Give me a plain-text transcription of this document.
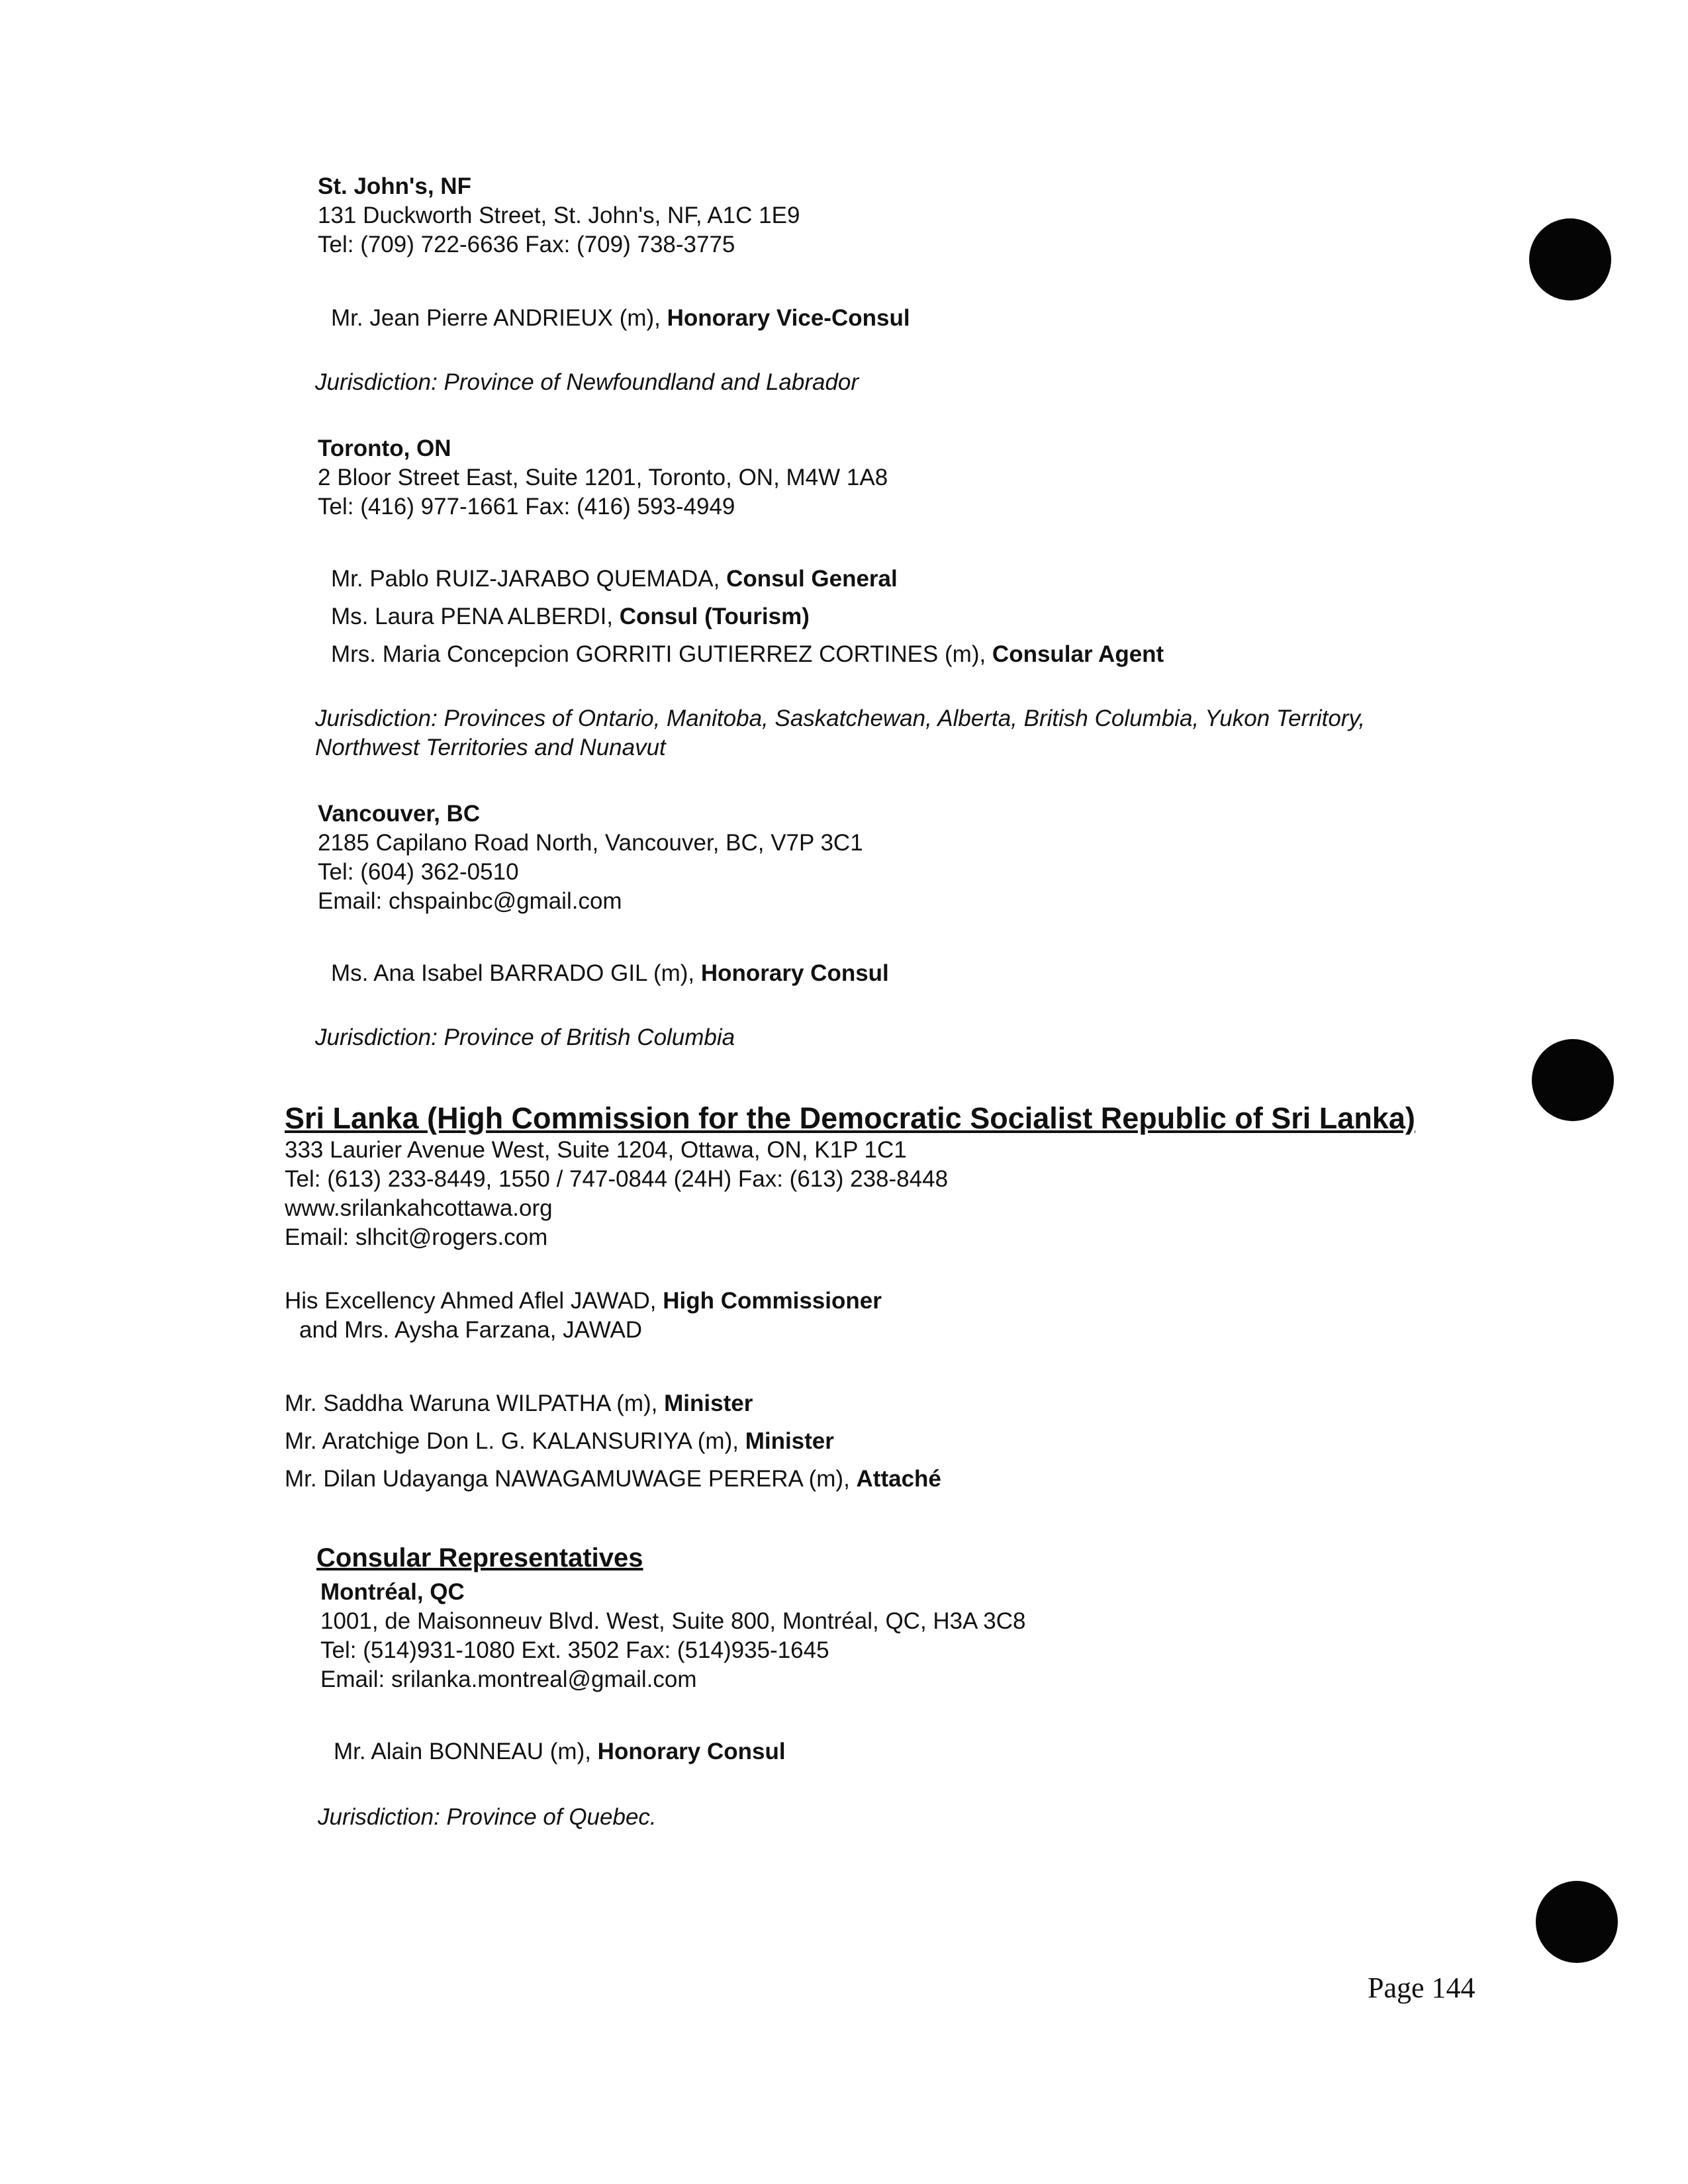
St. John's, NF
131 Duckworth Street, St. John's, NF, A1C 1E9
Tel: (709) 722-6636 Fax: (709) 738-3775
Mr. Jean Pierre ANDRIEUX (m), Honorary Vice-Consul
Jurisdiction: Province of Newfoundland and Labrador
Toronto, ON
2 Bloor Street East, Suite 1201, Toronto, ON, M4W 1A8
Tel: (416) 977-1661 Fax: (416) 593-4949
Mr. Pablo RUIZ-JARABO QUEMADA, Consul General
Ms. Laura PENA ALBERDI, Consul (Tourism)
Mrs. Maria Concepcion GORRITI GUTIERREZ CORTINES (m), Consular Agent
Jurisdiction: Provinces of Ontario, Manitoba, Saskatchewan, Alberta, British Columbia, Yukon Territory,
Northwest Territories and Nunavut
Vancouver, BC
2185 Capilano Road North, Vancouver, BC, V7P 3C1
Tel: (604) 362-0510
Email: chspainbc@gmail.com
Ms. Ana Isabel BARRADO GIL (m), Honorary Consul
Jurisdiction: Province of British Columbia
Sri Lanka (High Commission for the Democratic Socialist Republic of Sri Lanka)
333 Laurier Avenue West, Suite 1204, Ottawa, ON, K1P 1C1
Tel: (613) 233-8449, 1550 / 747-0844 (24H) Fax: (613) 238-8448
www.srilankahcottawa.org
Email: slhcit@rogers.com
His Excellency Ahmed Aflel JAWAD, High Commissioner
and Mrs. Aysha Farzana, JAWAD
Mr. Saddha Waruna WILPATHA (m), Minister
Mr. Aratchige Don L. G. KALANSURIYA (m), Minister
Mr. Dilan Udayanga NAWAGAMUWAGE PERERA (m), Attaché
Consular Representatives
Montréal, QC
1001, de Maisonneuv Blvd. West, Suite 800, Montréal, QC, H3A 3C8
Tel: (514)931-1080 Ext. 3502 Fax: (514)935-1645
Email: srilanka.montreal@gmail.com
Mr. Alain BONNEAU (m), Honorary Consul
Jurisdiction: Province of Quebec.
Page 144
